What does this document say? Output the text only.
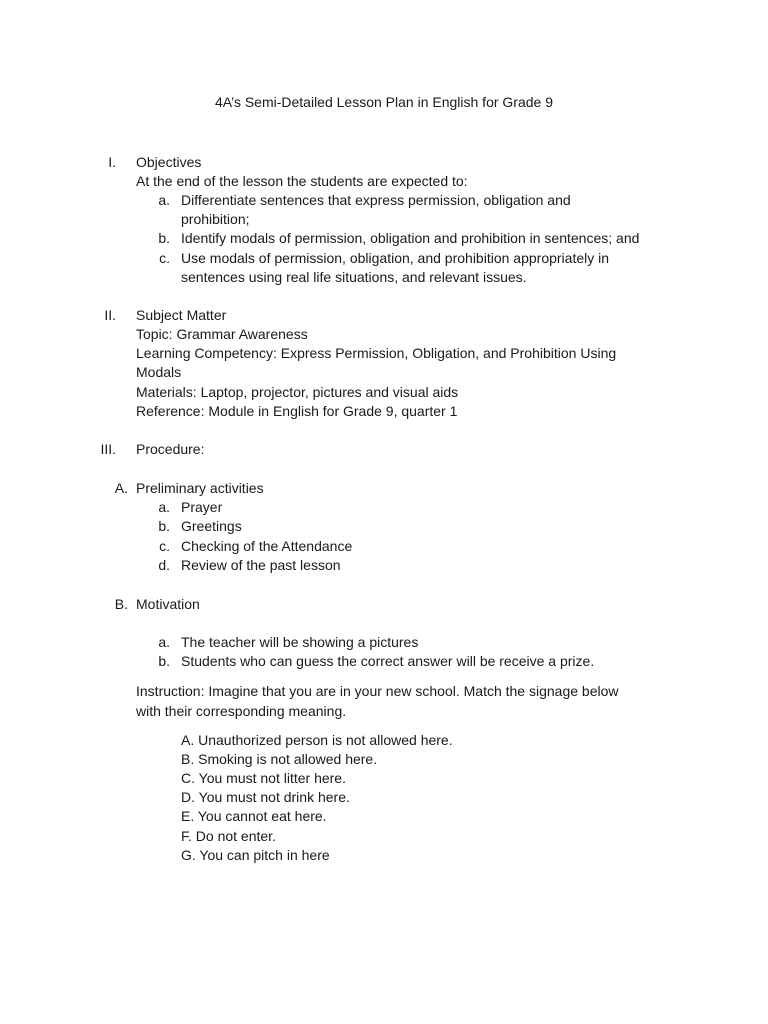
4A’s Semi-Detailed Lesson Plan in English for Grade 9
I. Objectives
At the end of the lesson the students are expected to:
a. Differentiate sentences that express permission, obligation and
prohibition;
b. Identify modals of permission, obligation and prohibition in sentences; and
c. Use modals of permission, obligation, and prohibition appropriately in
sentences using real life situations, and relevant issues.
II. Subject Matter
Topic: Grammar Awareness
Learning Competency: Express Permission, Obligation, and Prohibition Using
Modals
Materials: Laptop, projector, pictures and visual aids
Reference: Module in English for Grade 9, quarter 1
III. Procedure:
A. Preliminary activities
a. Prayer
b. Greetings
c. Checking of the Attendance
d. Review of the past lesson
B. Motivation
a. The teacher will be showing a pictures
b. Students who can guess the correct answer will be receive a prize.
Instruction: Imagine that you are in your new school. Match the signage below
with their corresponding meaning.
A. Unauthorized person is not allowed here.
B. Smoking is not allowed here.
C. You must not litter here.
D. You must not drink here.
E. You cannot eat here.
F. Do not enter.
G. You can pitch in here
